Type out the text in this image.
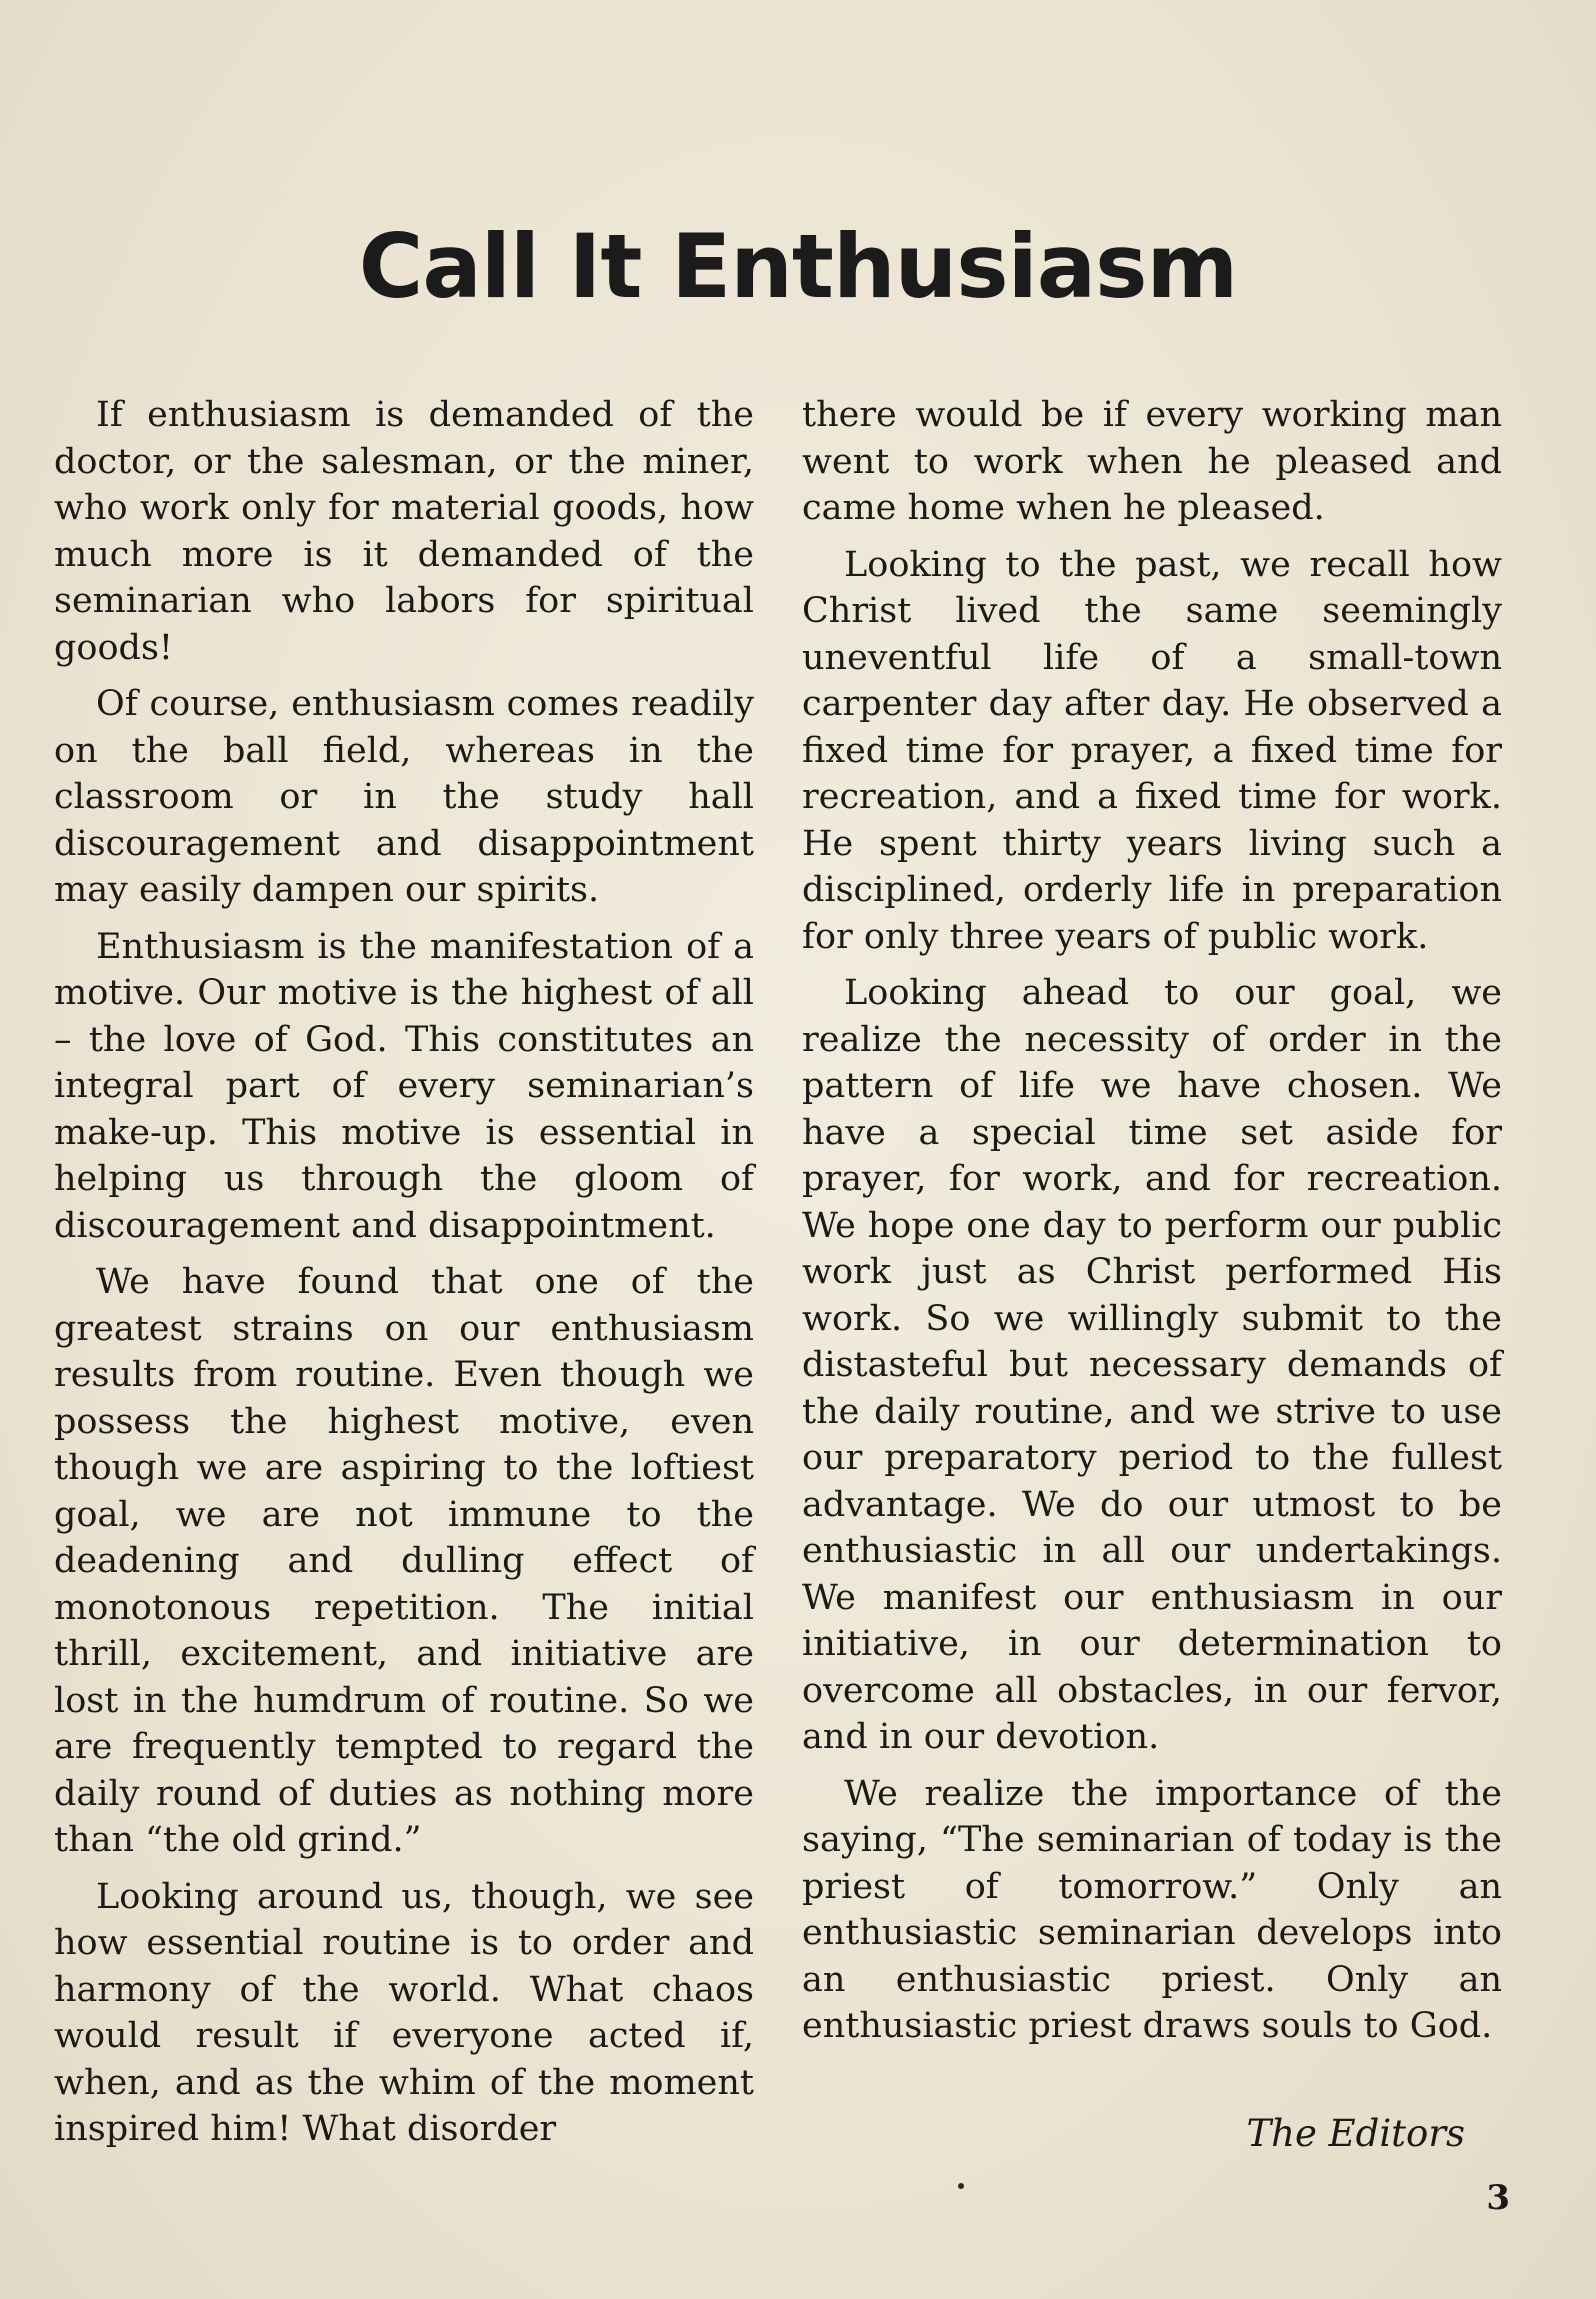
Call It Enthusiasm

If enthusiasm is demanded of the doctor, or the salesman, or the miner, who work only for material goods, how much more is it demanded of the seminarian who labors for spiritual goods!

Of course, enthusiasm comes readily on the ball field, whereas in the classroom or in the study hall discouragement and disappointment may easily dampen our spirits.

Enthusiasm is the manifestation of a motive. Our motive is the highest of all – the love of God. This constitutes an integral part of every seminarian’s make-up. This motive is essential in helping us through the gloom of discouragement and disappointment.

We have found that one of the greatest strains on our enthusiasm results from routine. Even though we possess the highest motive, even though we are aspiring to the loftiest goal, we are not immune to the deadening and dulling effect of monotonous repetition. The initial thrill, excitement, and initiative are lost in the humdrum of routine. So we are frequently tempted to regard the daily round of duties as nothing more than “the old grind.”

Looking around us, though, we see how essential routine is to order and harmony of the world. What chaos would result if everyone acted if, when, and as the whim of the moment inspired him! What disorder

there would be if every working man went to work when he pleased and came home when he pleased.

Looking to the past, we recall how Christ lived the same seemingly uneventful life of a small-town carpenter day after day. He observed a fixed time for prayer, a fixed time for recreation, and a fixed time for work. He spent thirty years living such a disciplined, orderly life in preparation for only three years of public work.

Looking ahead to our goal, we realize the necessity of order in the pattern of life we have chosen. We have a special time set aside for prayer, for work, and for recreation. We hope one day to perform our public work just as Christ performed His work. So we willingly submit to the distasteful but necessary demands of the daily routine, and we strive to use our preparatory period to the fullest advantage. We do our utmost to be enthusiastic in all our undertakings. We manifest our enthusiasm in our initiative, in our determination to overcome all obstacles, in our fervor, and in our devotion.

We realize the importance of the saying, “The seminarian of today is the priest of tomorrow.” Only an enthusiastic seminarian develops into an enthusiastic priest. Only an enthusiastic priest draws souls to God.

The Editors
3
